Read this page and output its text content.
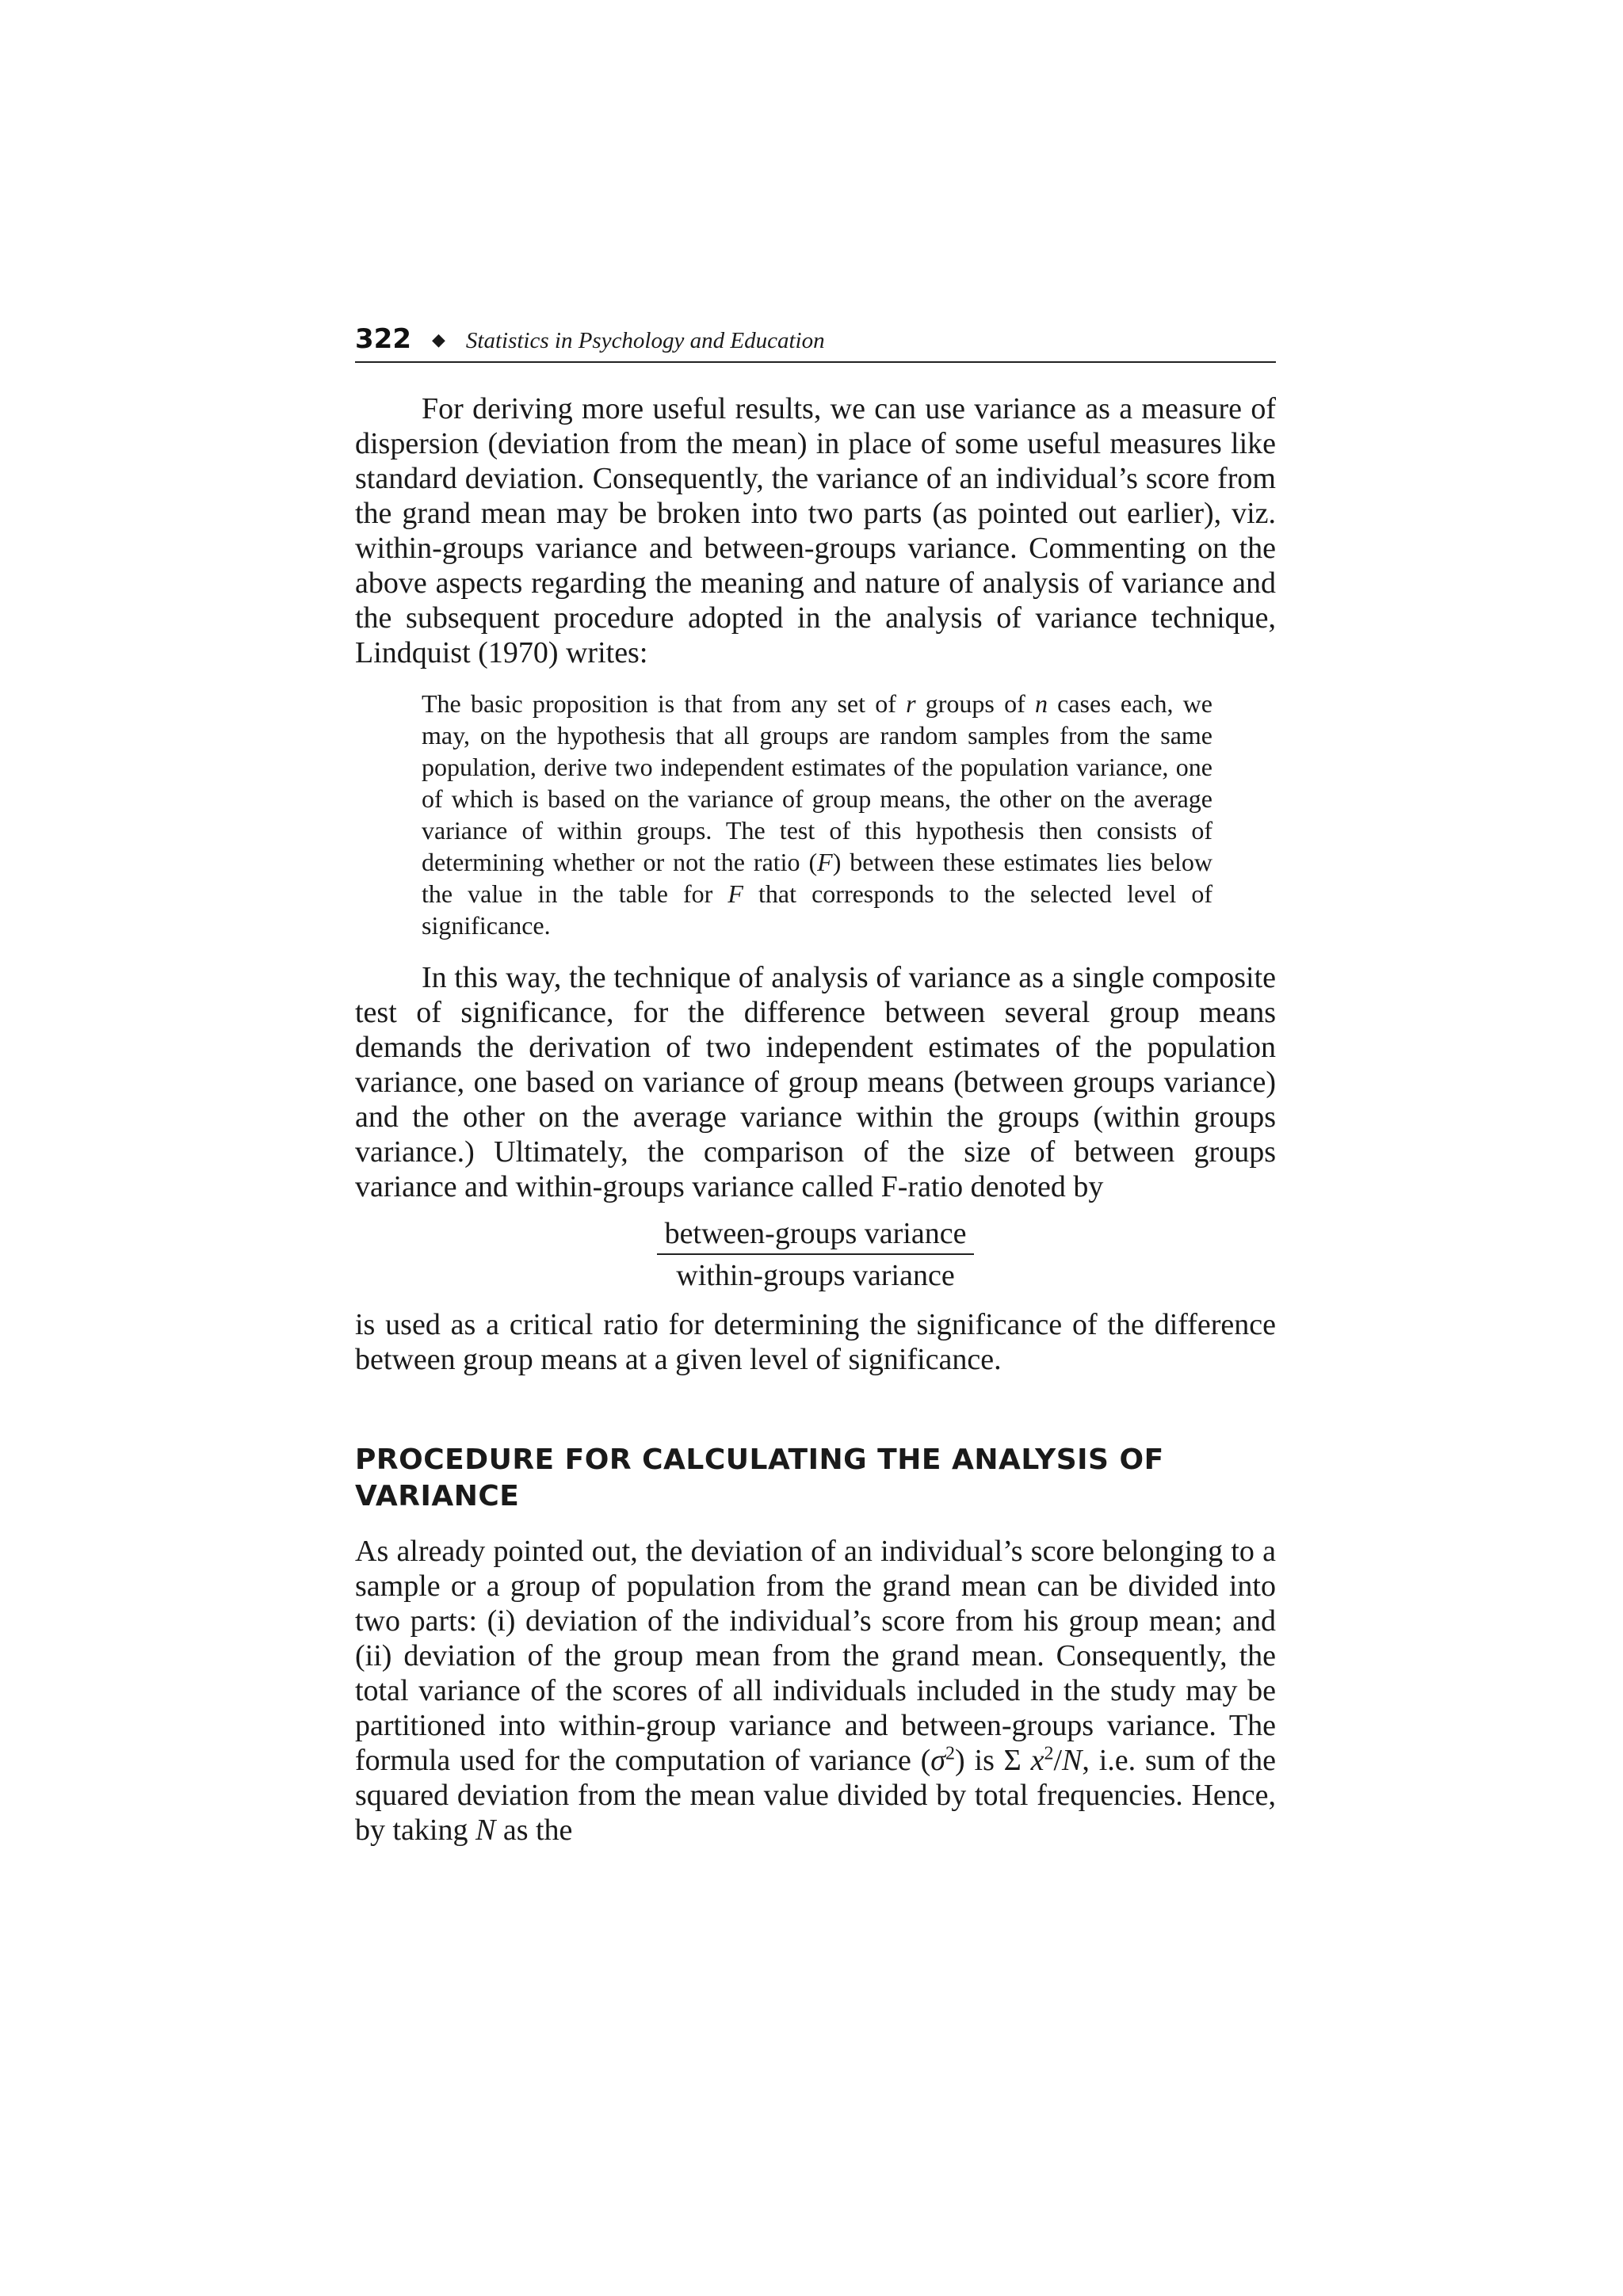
322 ◆ Statistics in Psychology and Education

For deriving more useful results, we can use variance as a measure of dispersion (deviation from the mean) in place of some useful measures like standard deviation. Consequently, the variance of an individual’s score from the grand mean may be broken into two parts (as pointed out earlier), viz. within-groups variance and between-groups variance. Commenting on the above aspects regarding the meaning and nature of analysis of variance and the subsequent procedure adopted in the analysis of variance technique, Lindquist (1970) writes:

The basic proposition is that from any set of r groups of n cases each, we may, on the hypothesis that all groups are random samples from the same population, derive two independent estimates of the population variance, one of which is based on the variance of group means, the other on the average variance of within groups. The test of this hypothesis then consists of determining whether or not the ratio (F) between these estimates lies below the value in the table for F that corresponds to the selected level of significance.

In this way, the technique of analysis of variance as a single composite test of significance, for the difference between several group means demands the derivation of two independent estimates of the population variance, one based on variance of group means (between groups variance) and the other on the average variance within the groups (within groups variance.) Ultimately, the comparison of the size of between groups variance and within-groups variance called F-ratio denoted by

between-groups variance
within-groups variance

is used as a critical ratio for determining the significance of the difference between group means at a given level of significance.

PROCEDURE FOR CALCULATING THE ANALYSIS OF VARIANCE

As already pointed out, the deviation of an individual’s score belonging to a sample or a group of population from the grand mean can be divided into two parts: (i) deviation of the individual’s score from his group mean; and (ii) deviation of the group mean from the grand mean. Consequently, the total variance of the scores of all individuals included in the study may be partitioned into within-group variance and between-groups variance. The formula used for the computation of variance $(\sigma^2)$ is Σ $x^2/N$, i.e. sum of the squared deviation from the mean value divided by total frequencies. Hence, by taking N as the
